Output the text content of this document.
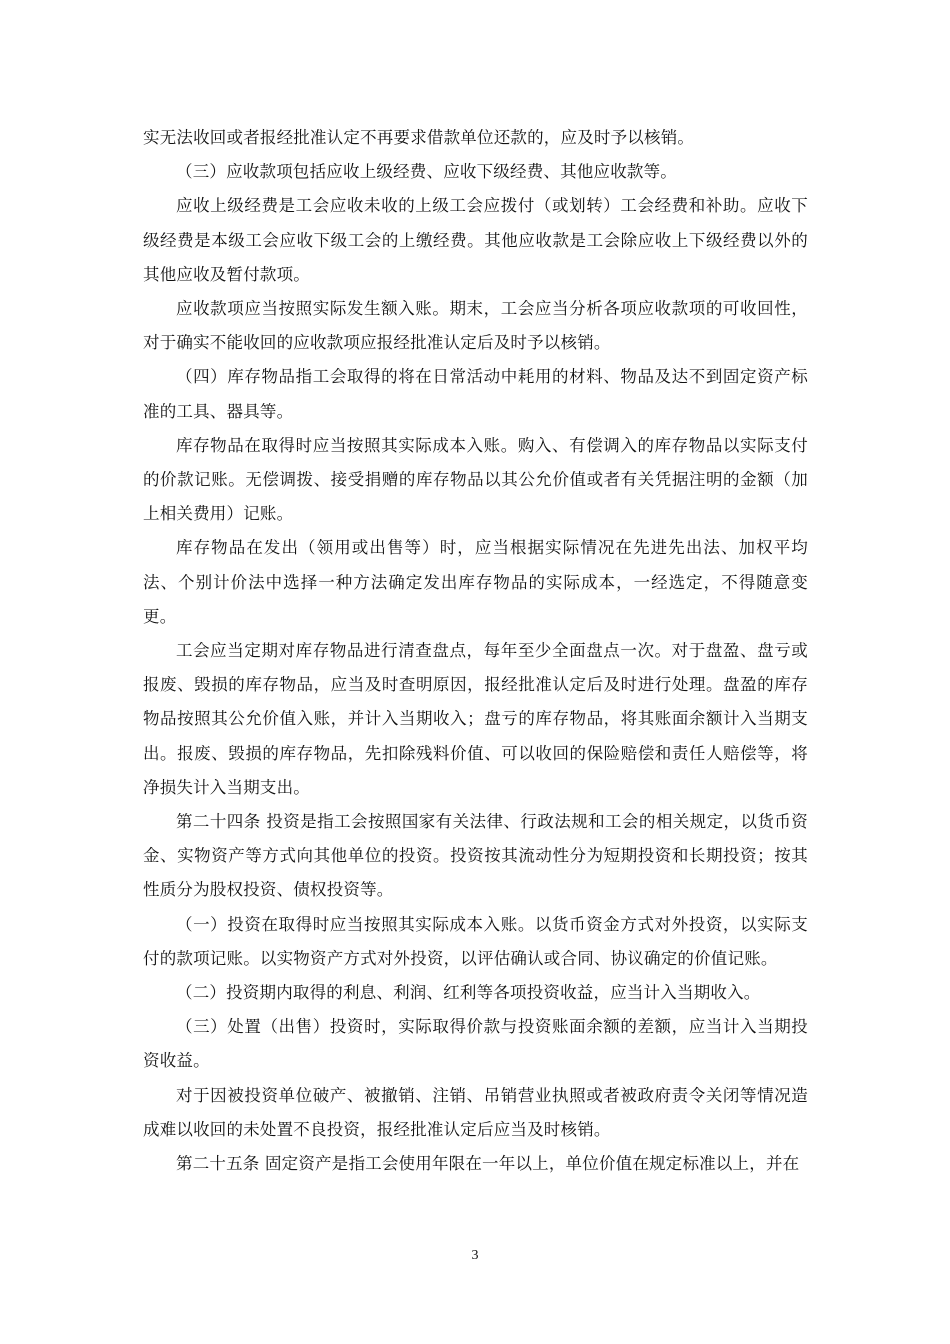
实无法收回或者报经批准认定不再要求借款单位还款的，应及时予以核销。

（三）应收款项包括应收上级经费、应收下级经费、其他应收款等。

应收上级经费是工会应收未收的上级工会应拨付（或划转）工会经费和补助。应收下级经费是本级工会应收下级工会的上缴经费。其他应收款是工会除应收上下级经费以外的其他应收及暂付款项。

应收款项应当按照实际发生额入账。期末，工会应当分析各项应收款项的可收回性，对于确实不能收回的应收款项应报经批准认定后及时予以核销。

（四）库存物品指工会取得的将在日常活动中耗用的材料、物品及达不到固定资产标准的工具、器具等。

库存物品在取得时应当按照其实际成本入账。购入、有偿调入的库存物品以实际支付的价款记账。无偿调拨、接受捐赠的库存物品以其公允价值或者有关凭据注明的金额（加上相关费用）记账。

库存物品在发出（领用或出售等）时，应当根据实际情况在先进先出法、加权平均法、个别计价法中选择一种方法确定发出库存物品的实际成本，一经选定，不得随意变更。

工会应当定期对库存物品进行清查盘点，每年至少全面盘点一次。对于盘盈、盘亏或报废、毁损的库存物品，应当及时查明原因，报经批准认定后及时进行处理。盘盈的库存物品按照其公允价值入账，并计入当期收入；盘亏的库存物品，将其账面余额计入当期支出。报废、毁损的库存物品，先扣除残料价值、可以收回的保险赔偿和责任人赔偿等，将净损失计入当期支出。

第二十四条 投资是指工会按照国家有关法律、行政法规和工会的相关规定，以货币资金、实物资产等方式向其他单位的投资。投资按其流动性分为短期投资和长期投资；按其性质分为股权投资、债权投资等。

（一）投资在取得时应当按照其实际成本入账。以货币资金方式对外投资，以实际支付的款项记账。以实物资产方式对外投资，以评估确认或合同、协议确定的价值记账。

（二）投资期内取得的利息、利润、红利等各项投资收益，应当计入当期收入。

（三）处置（出售）投资时，实际取得价款与投资账面余额的差额，应当计入当期投资收益。

对于因被投资单位破产、被撤销、注销、吊销营业执照或者被政府责令关闭等情况造成难以收回的未处置不良投资，报经批准认定后应当及时核销。

第二十五条 固定资产是指工会使用年限在一年以上，单位价值在规定标准以上，并在

3
